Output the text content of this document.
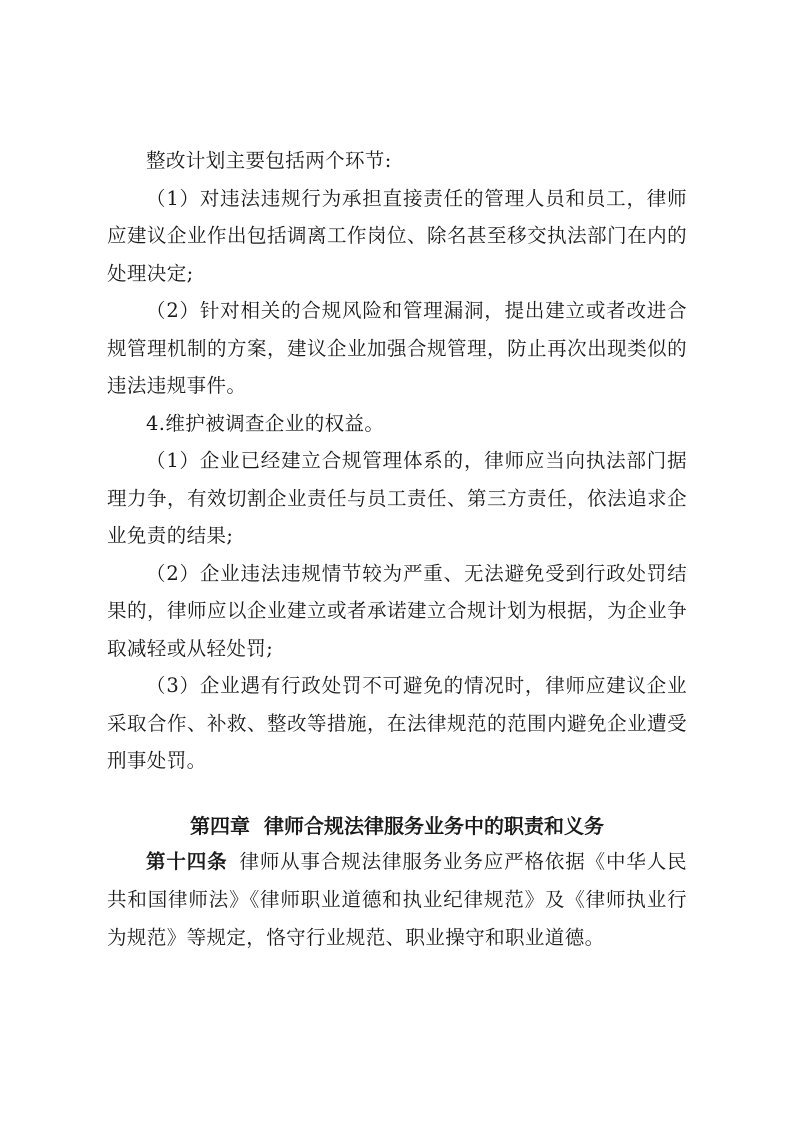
整改计划主要包括两个环节:

（1）对违法违规行为承担直接责任的管理人员和员工，律师应建议企业作出包括调离工作岗位、除名甚至移交执法部门在内的处理决定;

（2）针对相关的合规风险和管理漏洞，提出建立或者改进合规管理机制的方案，建议企业加强合规管理，防止再次出现类似的违法违规事件。

4.维护被调查企业的权益。

（1）企业已经建立合规管理体系的，律师应当向执法部门据理力争，有效切割企业责任与员工责任、第三方责任，依法追求企业免责的结果;

（2）企业违法违规情节较为严重、无法避免受到行政处罚结果的，律师应以企业建立或者承诺建立合规计划为根据，为企业争取减轻或从轻处罚;

（3）企业遇有行政处罚不可避免的情况时，律师应建议企业采取合作、补救、整改等措施，在法律规范的范围内避免企业遭受刑事处罚。

第四章 律师合规法律服务业务中的职责和义务

第十四条 律师从事合规法律服务业务应严格依据《中华人民共和国律师法》《律师职业道德和执业纪律规范》及《律师执业行为规范》等规定，恪守行业规范、职业操守和职业道德。
